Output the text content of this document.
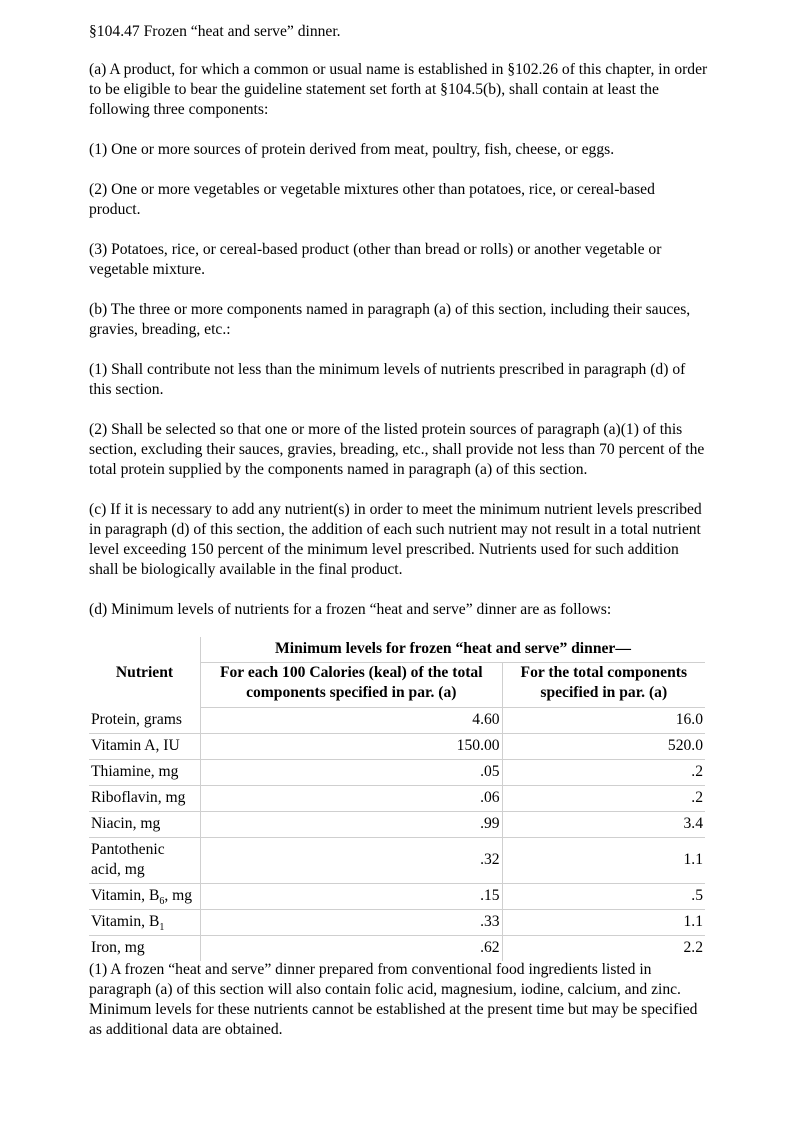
§104.47 Frozen “heat and serve” dinner.

(a) A product, for which a common or usual name is established in §102.26 of this chapter, in order to be eligible to bear the guideline statement set forth at §104.5(b), shall contain at least the following three components:

(1) One or more sources of protein derived from meat, poultry, fish, cheese, or eggs.

(2) One or more vegetables or vegetable mixtures other than potatoes, rice, or cereal-based product.

(3) Potatoes, rice, or cereal-based product (other than bread or rolls) or another vegetable or vegetable mixture.

(b) The three or more components named in paragraph (a) of this section, including their sauces, gravies, breading, etc.:

(1) Shall contribute not less than the minimum levels of nutrients prescribed in paragraph (d) of this section.

(2) Shall be selected so that one or more of the listed protein sources of paragraph (a)(1) of this section, excluding their sauces, gravies, breading, etc., shall provide not less than 70 percent of the total protein supplied by the components named in paragraph (a) of this section.

(c) If it is necessary to add any nutrient(s) in order to meet the minimum nutrient levels prescribed in paragraph (d) of this section, the addition of each such nutrient may not result in a total nutrient level exceeding 150 percent of the minimum level prescribed. Nutrients used for such addition shall be biologically available in the final product.

(d) Minimum levels of nutrients for a frozen “heat and serve” dinner are as follows:

Nutrient	Minimum levels for frozen “heat and serve” dinner—	
	For each 100 Calories (keal) of the total components specified in par. (a)	For the total components specified in par. (a)
Protein, grams	4.60	16.0
Vitamin A, IU	150.00	520.0
Thiamine, mg	.05	.2
Riboflavin, mg	.06	.2
Niacin, mg	.99	3.4
Pantothenic acid, mg	.32	1.1
Vitamin, $B_6$, mg	.15	.5
Vitamin, $B_1$	.33	1.1
Iron, mg	.62	2.2

(1) A frozen “heat and serve” dinner prepared from conventional food ingredients listed in paragraph (a) of this section will also contain folic acid, magnesium, iodine, calcium, and zinc. Minimum levels for these nutrients cannot be established at the present time but may be specified as additional data are obtained.
